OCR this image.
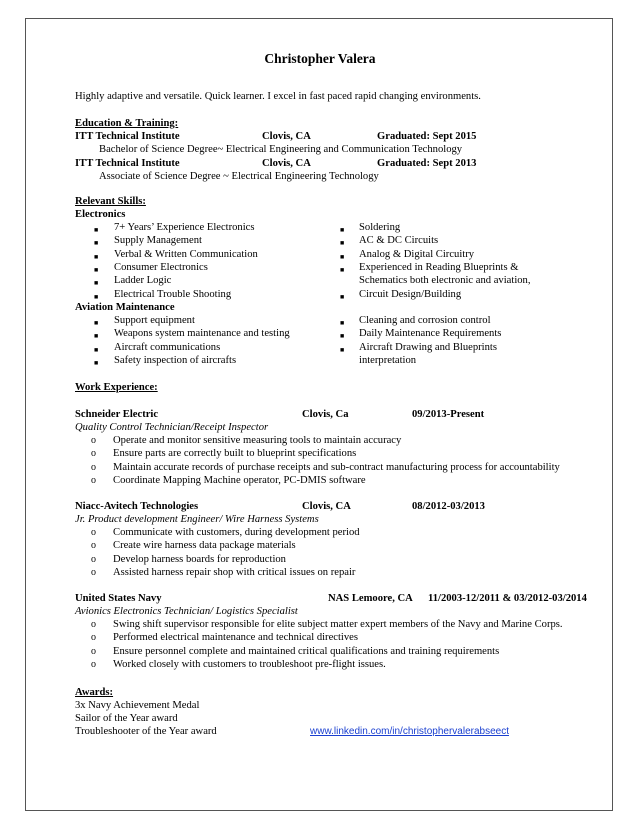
Christopher Valera
Highly adaptive and versatile. Quick learner. I excel in fast paced rapid changing environments.
Education & Training:
ITT Technical Institute	Clovis, CA	Graduated: Sept 2015
Bachelor of Science Degree~ Electrical Engineering and Communication Technology
ITT Technical Institute	Clovis, CA	Graduated: Sept 2013
Associate of Science Degree ~ Electrical Engineering Technology
Relevant Skills:
Electronics
■ 7+ Years’ Experience Electronics
■ Supply Management
■ Verbal & Written Communication
■ Consumer Electronics
■ Ladder Logic
■ Electrical Trouble Shooting
■ Soldering
■ AC & DC Circuits
■ Analog & Digital Circuitry
■ Experienced in Reading Blueprints &
Schematics both electronic and aviation,
■ Circuit Design/Building
Aviation Maintenance
■ Support equipment
■ Weapons system maintenance and testing
■ Aircraft communications
■ Safety inspection of aircrafts
■ Cleaning and corrosion control
■ Daily Maintenance Requirements
■ Aircraft Drawing and Blueprints
interpretation
Work Experience:
Schneider Electric	Clovis, Ca	09/2013-Present
Quality Control Technician/Receipt Inspector
o Operate and monitor sensitive measuring tools to maintain accuracy
o Ensure parts are correctly built to blueprint specifications
o Maintain accurate records of purchase receipts and sub-contract manufacturing process for accountability
o Coordinate Mapping Machine operator, PC-DMIS software
Niacc-Avitech Technologies	Clovis, CA	08/2012-03/2013
Jr. Product development Engineer/ Wire Harness Systems
o Communicate with customers, during development period
o Create wire harness data package materials
o Develop harness boards for reproduction
o Assisted harness repair shop with critical issues on repair
United States Navy	NAS Lemoore, CA 11/2003-12/2011 & 03/2012-03/2014
Avionics Electronics Technician/ Logistics Specialist
o Swing shift supervisor responsible for elite subject matter expert members of the Navy and Marine Corps.
o Performed electrical maintenance and technical directives
o Ensure personnel complete and maintained critical qualifications and training requirements
o Worked closely with customers to troubleshoot pre-flight issues.
Awards:
3x Navy Achievement Medal
Sailor of the Year award
Troubleshooter of the Year award	www.linkedin.com/in/christophervalerabseect
